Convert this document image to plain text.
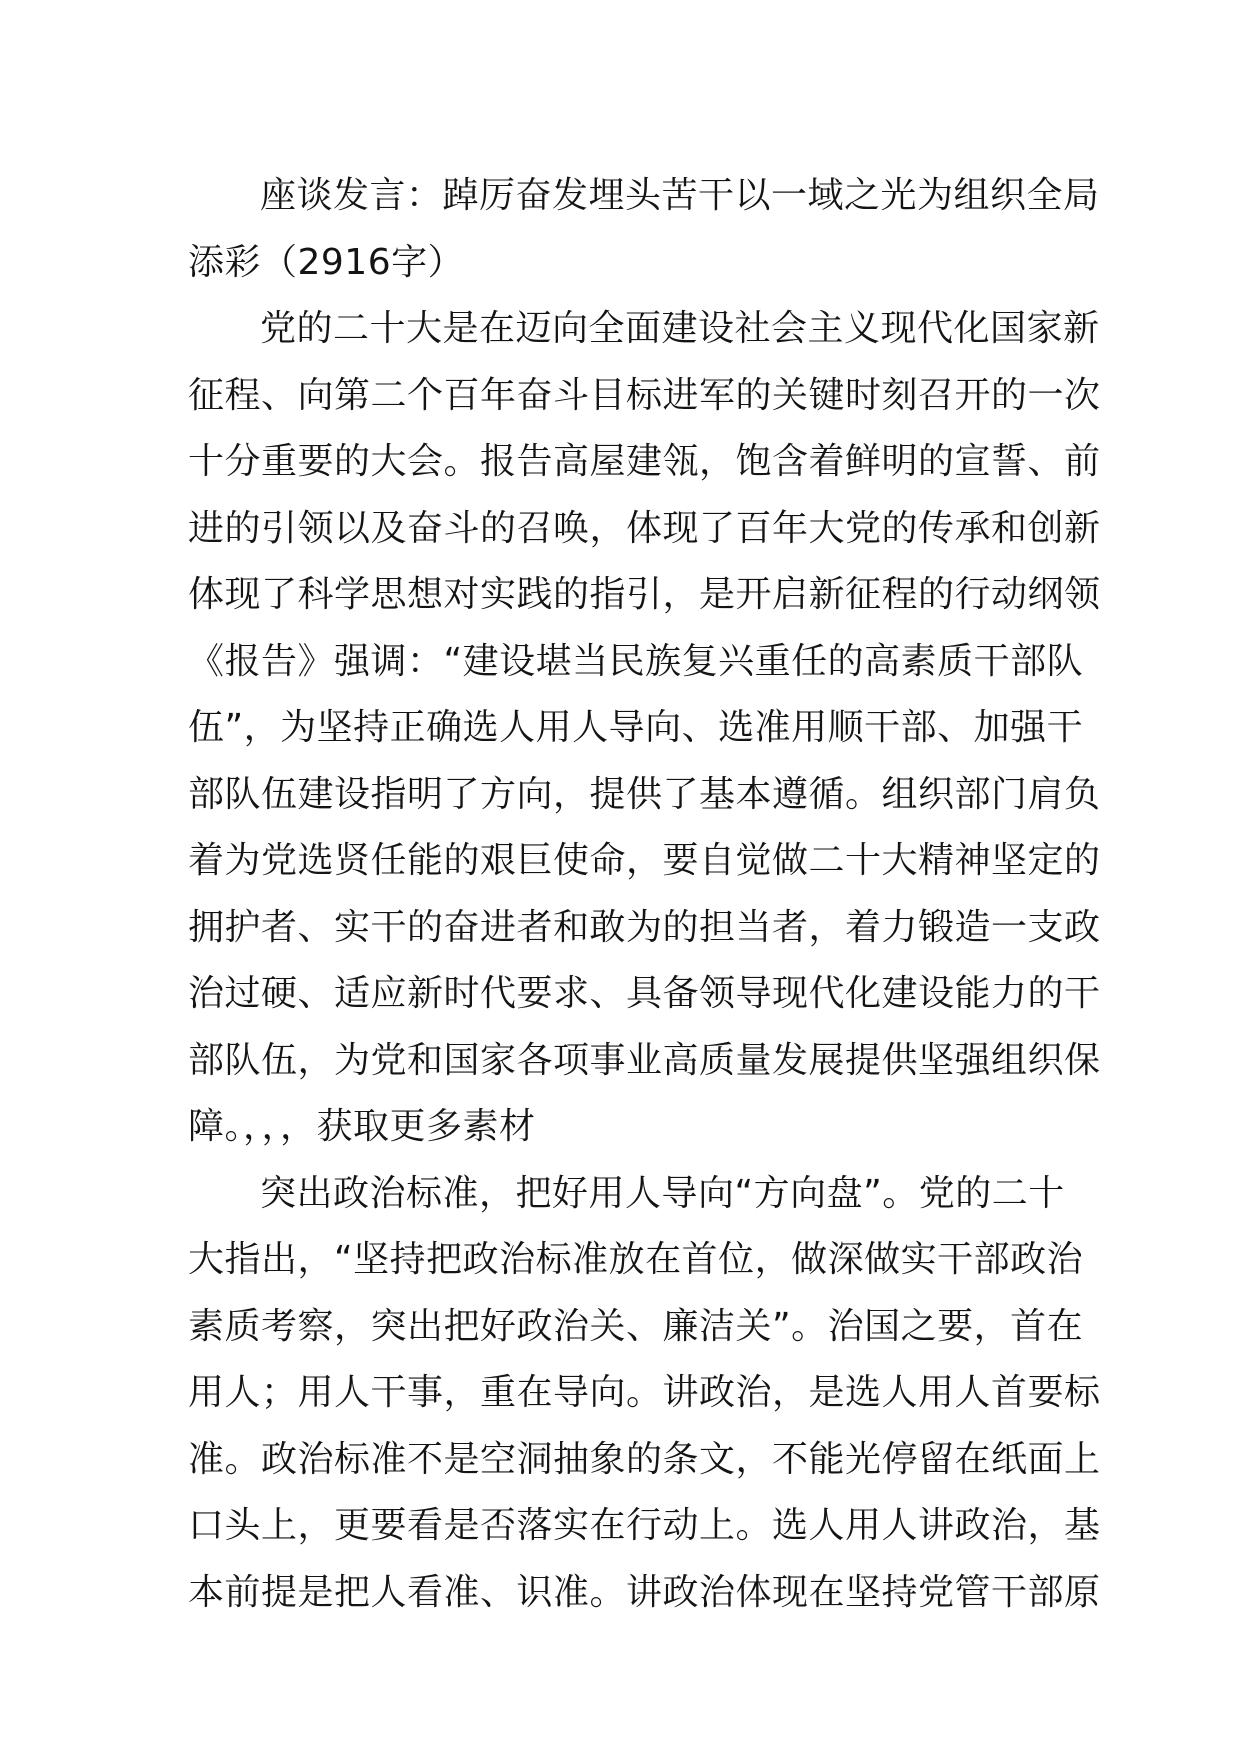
座谈发言：踔厉奋发埋头苦干以一域之光为组织全局
添彩（2916字）

党的二十大是在迈向全面建设社会主义现代化国家新
征程、向第二个百年奋斗目标进军的关键时刻召开的一次
十分重要的大会。报告高屋建瓴，饱含着鲜明的宣誓、前
进的引领以及奋斗的召唤，体现了百年大党的传承和创新
体现了科学思想对实践的指引，是开启新征程的行动纲领
《报告》强调：“建设堪当民族复兴重任的高素质干部队
伍”，为坚持正确选人用人导向、选准用顺干部、加强干
部队伍建设指明了方向，提供了基本遵循。组织部门肩负
着为党选贤任能的艰巨使命，要自觉做二十大精神坚定的
拥护者、实干的奋进者和敢为的担当者，着力锻造一支政
治过硬、适应新时代要求、具备领导现代化建设能力的干
部队伍，为党和国家各项事业高质量发展提供坚强组织保
障。，，，获取更多素材

突出政治标准，把好用人导向“方向盘”。党的二十
大指出，“坚持把政治标准放在首位，做深做实干部政治
素质考察，突出把好政治关、廉洁关”。治国之要，首在
用人；用人干事，重在导向。讲政治，是选人用人首要标
准。政治标准不是空洞抽象的条文，不能光停留在纸面上
口头上，更要看是否落实在行动上。选人用人讲政治，基
本前提是把人看准、识准。讲政治体现在坚持党管干部原
